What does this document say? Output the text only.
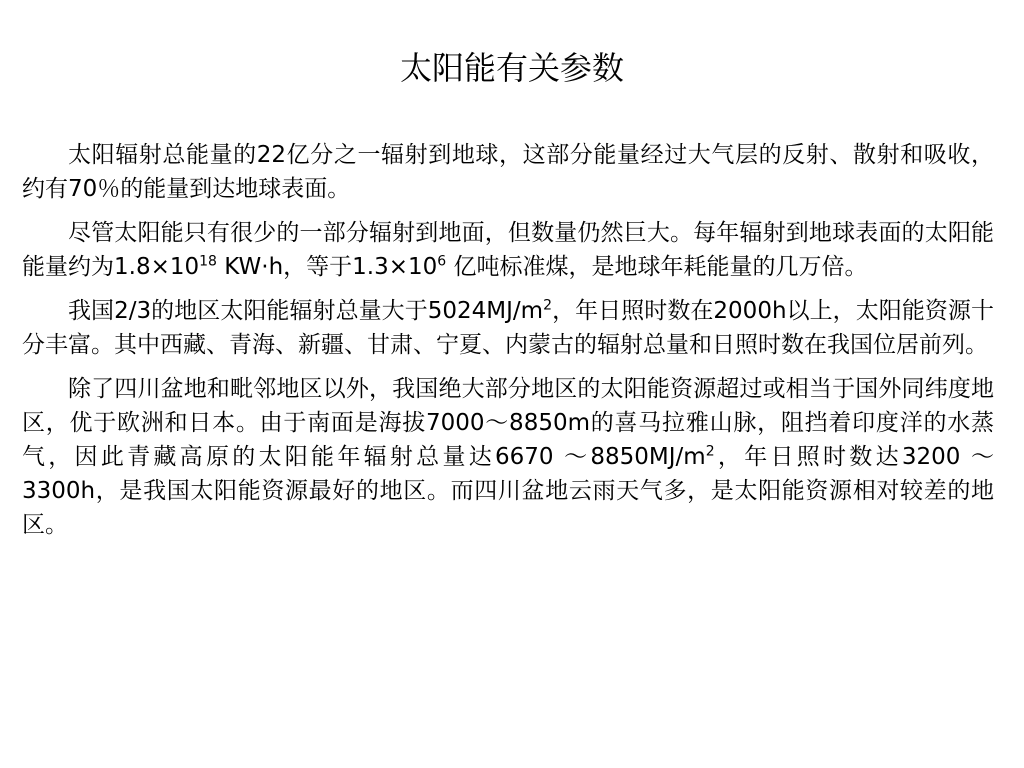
太阳能有关参数

太阳辐射总能量的22亿分之一辐射到地球，这部分能量经过大气层的反射、散射和吸收，约有70％的能量到达地球表面。

尽管太阳能只有很少的一部分辐射到地面，但数量仍然巨大。每年辐射到地球表面的太阳能能量约为$1.8\times 10^{18}$ KW·h，等于$1.3\times 10^6$ 亿吨标准煤，是地球年耗能量的几万倍。

我国2/3的地区太阳能辐射总量大于$5024MJ/m^2$，年日照时数在2000h以上，太阳能资源十分丰富。其中西藏、青海、新疆、甘肃、宁夏、内蒙古的辐射总量和日照时数在我国位居前列。

除了四川盆地和毗邻地区以外，我国绝大部分地区的太阳能资源超过或相当于国外同纬度地区，优于欧洲和日本。由于南面是海拔7000～8850m的喜马拉雅山脉，阻挡着印度洋的水蒸气，因此青藏高原的太阳能年辐射总量达6670 $\sim 8850MJ/m^2$，年日照时数达3200 ～3300h，是我国太阳能资源最好的地区。而四川盆地云雨天气多，是太阳能资源相对较差的地区。
